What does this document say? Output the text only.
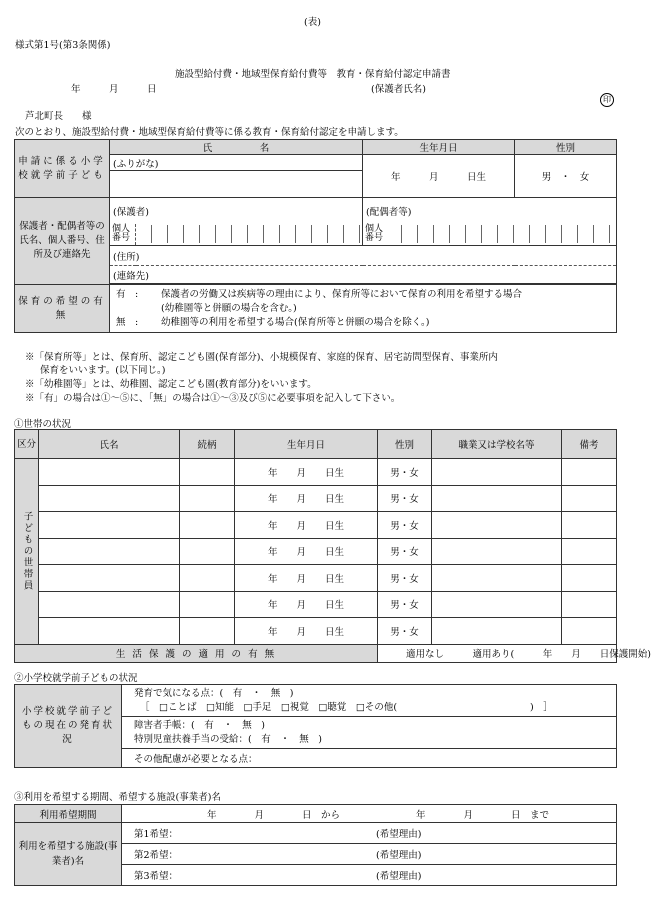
(表)
様式第1号(第3条関係)
施設型給付費・地域型保育給付費等　教育・保育給付認定申請書
年　　　月　　　日	(保護者氏名)
印
芦北町長　　様
次のとおり、施設型給付費・地域型保育給付費等に係る教育・保育給付認定を申請します。
申請に係る小学校就学前子ども	氏　　　　　名		生年月日	性別
	(ふりがな)		年　　　月　　　日生	男　・　女

保護者・配偶者等の氏名、個人番号、住所及び連絡先	(保護者)		(配偶者等)	
	個人
番号		個人
番号	
	(住所)			
	(連絡先)			

保育の希望の有無	有　: 保護者の労働又は疾病等の理由により、保育所等において保育の利用を希望する場合
(幼稚園等と併願の場合を含む。)
無　: 幼稚園等の利用を希望する場合(保育所等と併願の場合を除く。)			
※「保育所等」とは、保育所、認定こども園(保育部分)、小規模保育、家庭的保育、居宅訪問型保育、事業所内
保育をいいます。(以下同じ。)
※「幼稚園等」とは、幼稚園、認定こども園(教育部分)をいいます。
※「有」の場合は①～⑤に、「無」の場合は①～③及び⑤に必要事項を記入して下さい。
①世帯の状況
区分	氏名	続柄	生年月日	性別	職業又は学校名等	備考

子どもの世帯員			年　　月　　日生	男・女		
			年　　月　　日生	男・女		
			年　　月　　日生	男・女		
			年　　月　　日生	男・女		
			年　　月　　日生	男・女		
			年　　月　　日生	男・女		
			年　　月　　日生	男・女		
生 活 保 護 の 適 用 の 有 無				適用なし　　　 適用あり(　　　年　　月　　日保護開始)		
②小学校就学前子どもの状況
小学校就学前子どもの現在の発育状況	
発育で気になる点：(　有　・　無　)
［　□ことば　□知能　□手足　□視覚　□聴覚　□その他(　　　　　　　　　　　　　　)　］

障害者手帳：(　有　・　無　)
特別児童扶養手当の受給：(　有　・　無　)

その他配慮が必要となる点：
③利用を希望する期間、希望する施設(事業者)名
利用希望期間	年　　　　月　　　　日　から　　　　　　　　年　　　　月　　　　日　まで
利用を希望する施設(事業者)名	第1希望： (希望理由)
	第2希望： (希望理由)
	第3希望： (希望理由)
